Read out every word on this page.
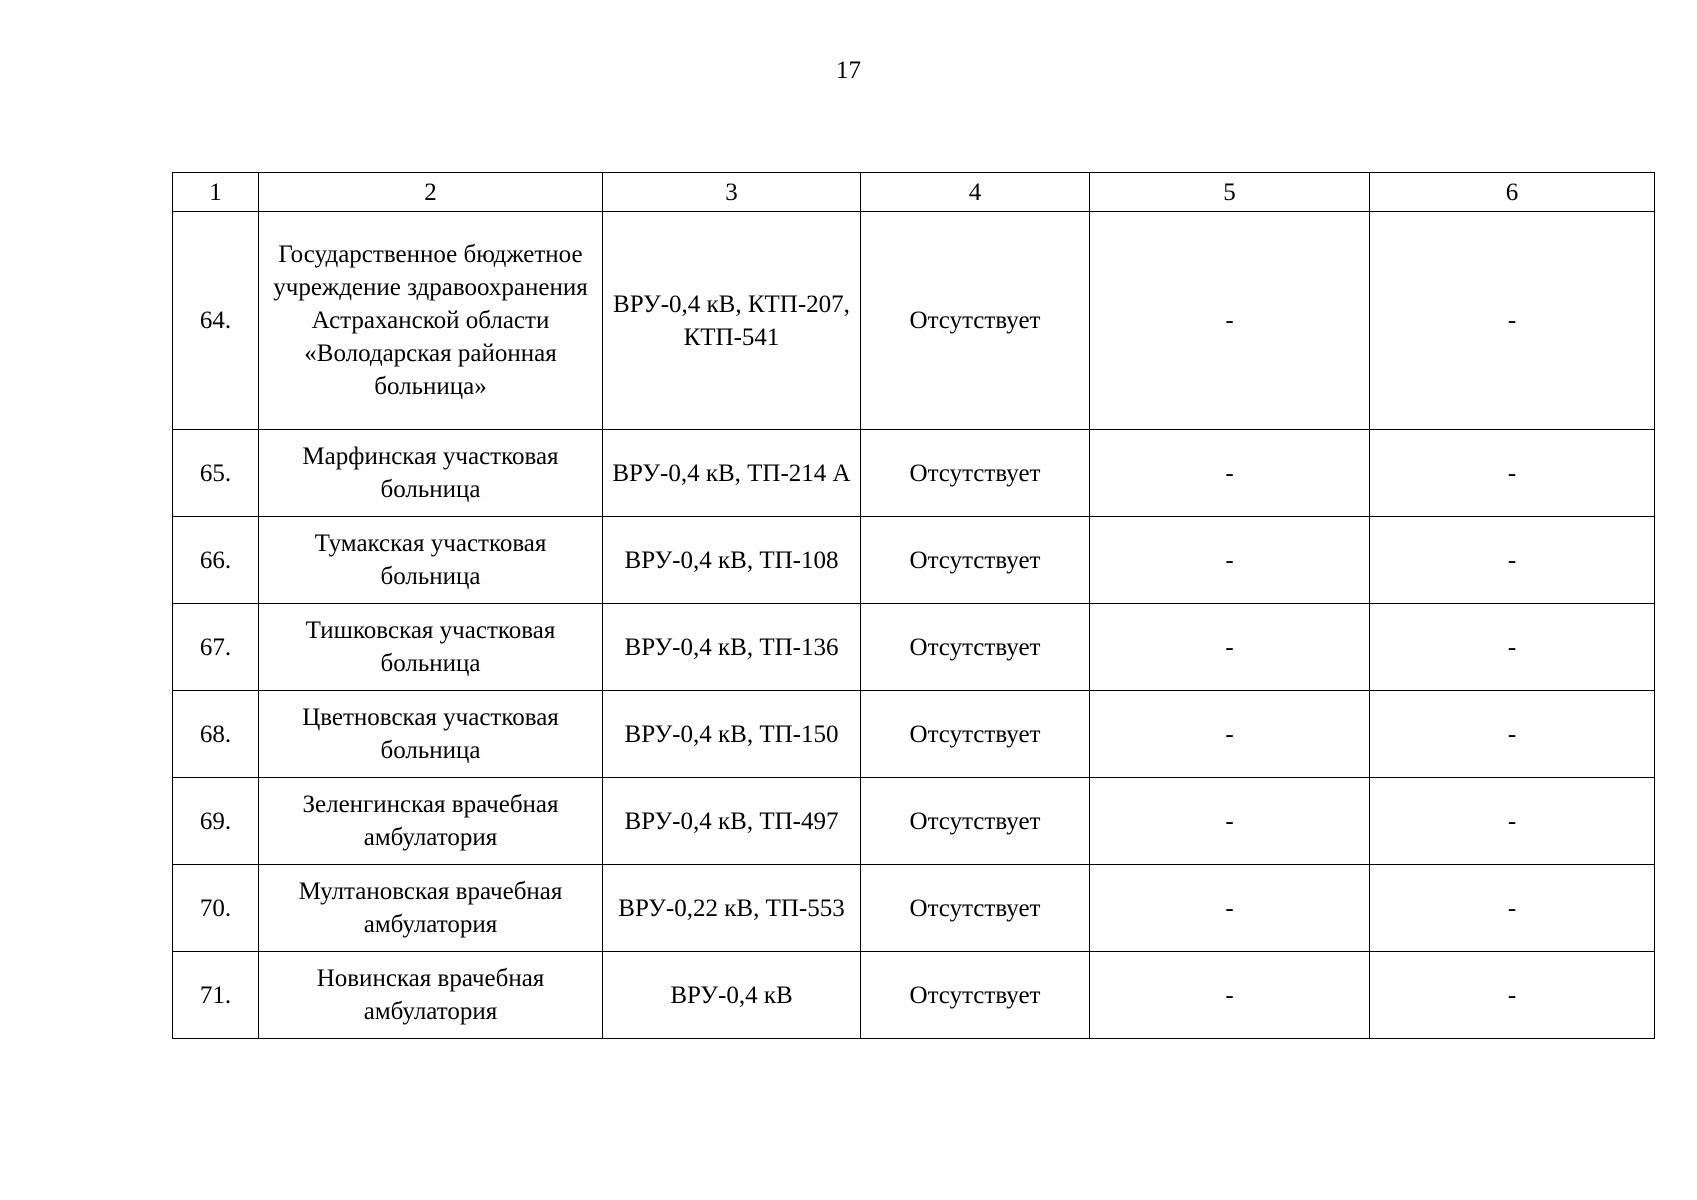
17
1	2	3	4	5	6
64.	Государственное бюджетное учреждение здравоохранения Астраханской области «Володарская районная больница»	ВРУ-0,4 кВ, КТП-207, КТП-541	Отсутствует	-	-
65.	Марфинская участковая больница	ВРУ-0,4 кВ, ТП-214 А	Отсутствует	-	-
66.	Тумакская участковая больница	ВРУ-0,4 кВ, ТП-108	Отсутствует	-	-
67.	Тишковская участковая больница	ВРУ-0,4 кВ, ТП-136	Отсутствует	-	-
68.	Цветновская участковая больница	ВРУ-0,4 кВ, ТП-150	Отсутствует	-	-
69.	Зеленгинская врачебная амбулатория	ВРУ-0,4 кВ, ТП-497	Отсутствует	-	-
70.	Мултановская врачебная амбулатория	ВРУ-0,22 кВ, ТП-553	Отсутствует	-	-
71.	Новинская врачебная амбулатория	ВРУ-0,4 кВ	Отсутствует	-	-
